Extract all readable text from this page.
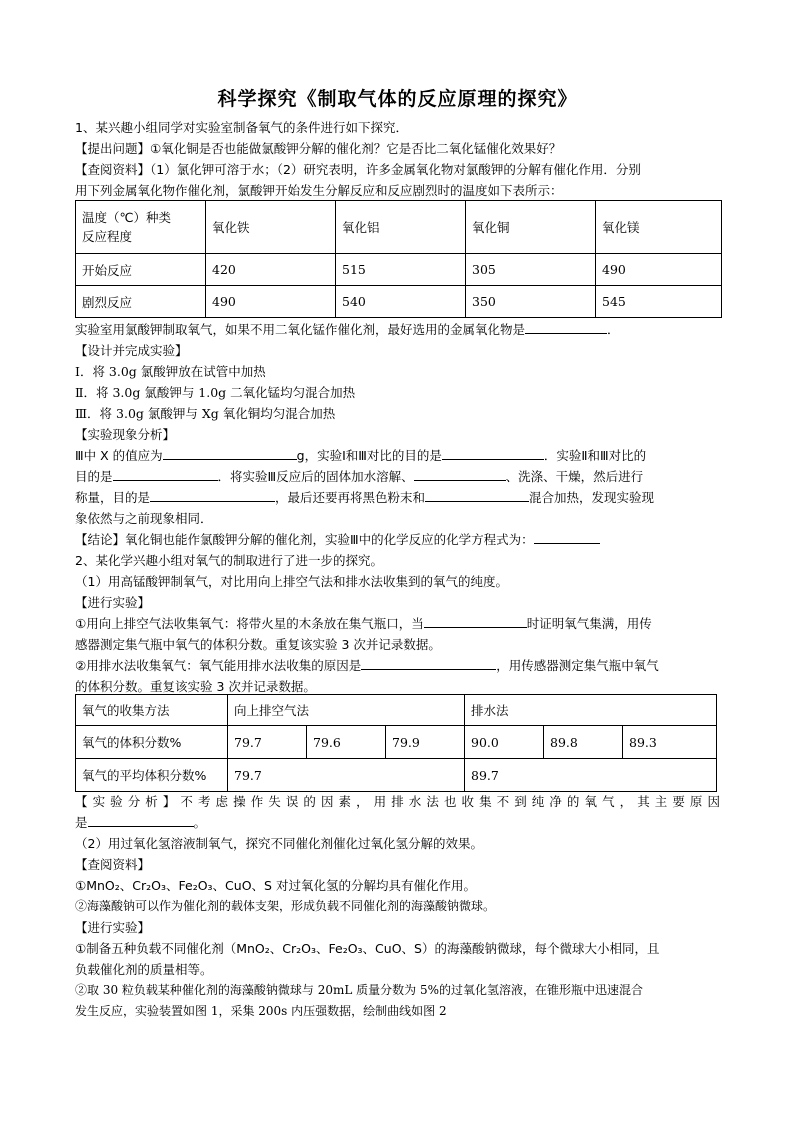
科学探究《制取气体的反应原理的探究》
1、某兴趣小组同学对实验室制备氧气的条件进行如下探究．
【提出问题】①氧化铜是否也能做氯酸钾分解的催化剂？它是否比二氧化锰催化效果好？
【查阅资料】（1）氯化钾可溶于水；（2）研究表明，许多金属氧化物对氯酸钾的分解有催化作用．分别
用下列金属氧化物作催化剂，氯酸钾开始发生分解反应和反应剧烈时的温度如下表所示：
温度（℃）种类
反应程度	氧化铁	氧化铝	氧化铜	氧化镁
开始反应	420	515	305	490
剧烈反应	490	540	350	545
实验室用氯酸钾制取氧气，如果不用二氧化锰作催化剂，最好选用的金属氧化物是	．
【设计并完成实验】
Ⅰ．将 3.0g 氯酸钾放在试管中加热
Ⅱ．将 3.0g 氯酸钾与 1.0g 二氧化锰均匀混合加热
Ⅲ．将 3.0g 氯酸钾与 Xg 氧化铜均匀混合加热
【实验现象分析】
Ⅲ中 X 的值应为	g，实验Ⅰ和Ⅲ对比的目的是	．实验Ⅱ和Ⅲ对比的
目的是	．将实验Ⅲ反应后的固体加水溶解、	、洗涤、干燥，然后进行
称量，目的是	，最后还要再将黑色粉末和	混合加热，发现实验现
象依然与之前现象相同．
【结论】氧化铜也能作氯酸钾分解的催化剂，实验Ⅲ中的化学反应的化学方程式为：
2、某化学兴趣小组对氧气的制取进行了进一步的探究。
（1）用高锰酸钾制氧气，对比用向上排空气法和排水法收集到的氧气的纯度。
【进行实验】
①用向上排空气法收集氧气：将带火星的木条放在集气瓶口，当	时证明氧气集满，用传
感器测定集气瓶中氧气的体积分数。重复该实验 3 次并记录数据。
②用排水法收集氧气：氧气能用排水法收集的原因是	，用传感器测定集气瓶中氧气
的体积分数。重复该实验 3 次并记录数据。
氧气的收集方法	向上排空气法			排水法		
氧气的体积分数%	79.7	79.6	79.9	90.0	89.8	89.3
氧气的平均体积分数%	79.7			89.7		
【实验分析】不考虑操作失误的因素，用排水法也收集不到纯净的氧气，其主要原因
是	。
（2）用过氧化氢溶液制氧气，探究不同催化剂催化过氧化氢分解的效果。
【查阅资料】
①MnO₂、Cr₂O₃、Fe₂O₃、CuO、S 对过氧化氢的分解均具有催化作用。
②海藻酸钠可以作为催化剂的载体支架，形成负载不同催化剂的海藻酸钠微球。
【进行实验】
①制备五种负载不同催化剂（MnO₂、Cr₂O₃、Fe₂O₃、CuO、S）的海藻酸钠微球，每个微球大小相同，且
负载催化剂的质量相等。
②取 30 粒负载某种催化剂的海藻酸钠微球与 20mL 质量分数为 5%的过氧化氢溶液，在锥形瓶中迅速混合
发生反应，实验装置如图 1，采集 200s 内压强数据，绘制曲线如图 2
